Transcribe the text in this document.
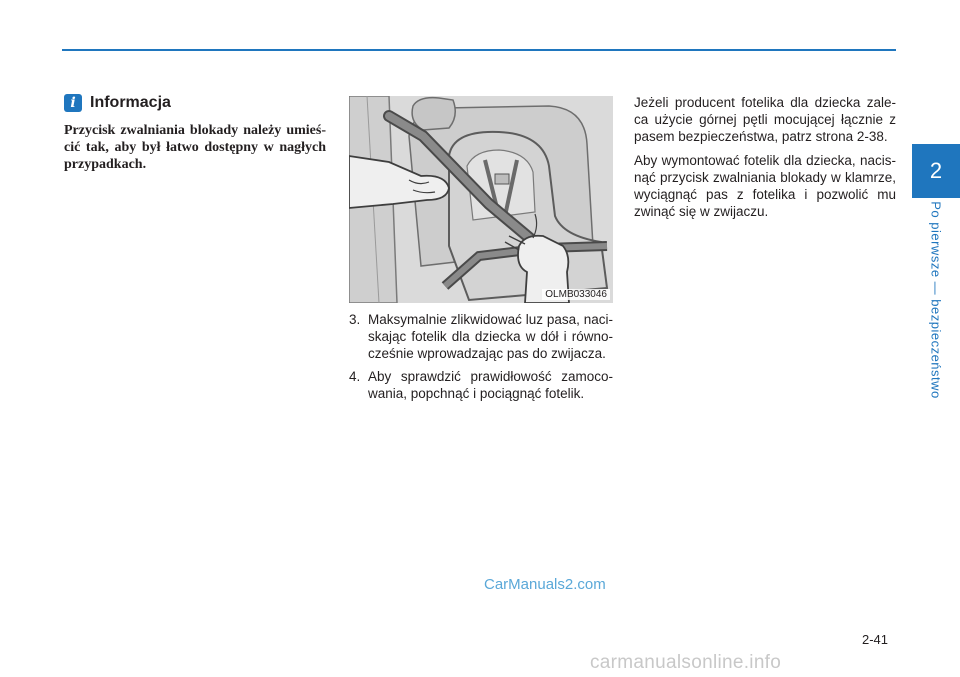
2
Po pierwsze — bezpieczeństwo
i Informacja

Przycisk zwalniania blokady należy umieś-cić tak, aby był łatwo dostępny w nagłych przypadkach.

OLMB033046
3. Maksymalnie zlikwidować luz pasa, naci-skając fotelik dla dziecka w dół i równo-cześnie wprowadzając pas do zwijacza.
4. Aby sprawdzić prawidłowość zamoco-wania, popchnąć i pociągnąć fotelik.

Jeżeli producent fotelika dla dziecka zale-ca użycie górnej pętli mocującej łącznie z pasem bezpieczeństwa, patrz strona 2-38.

Aby wymontować fotelik dla dziecka, nacis-nąć przycisk zwalniania blokady w klamrze, wyciągnąć pas z fotelika i pozwolić mu zwinąć się w zwijaczu.

CarManuals2.com
2-41
carmanualsonline.info
